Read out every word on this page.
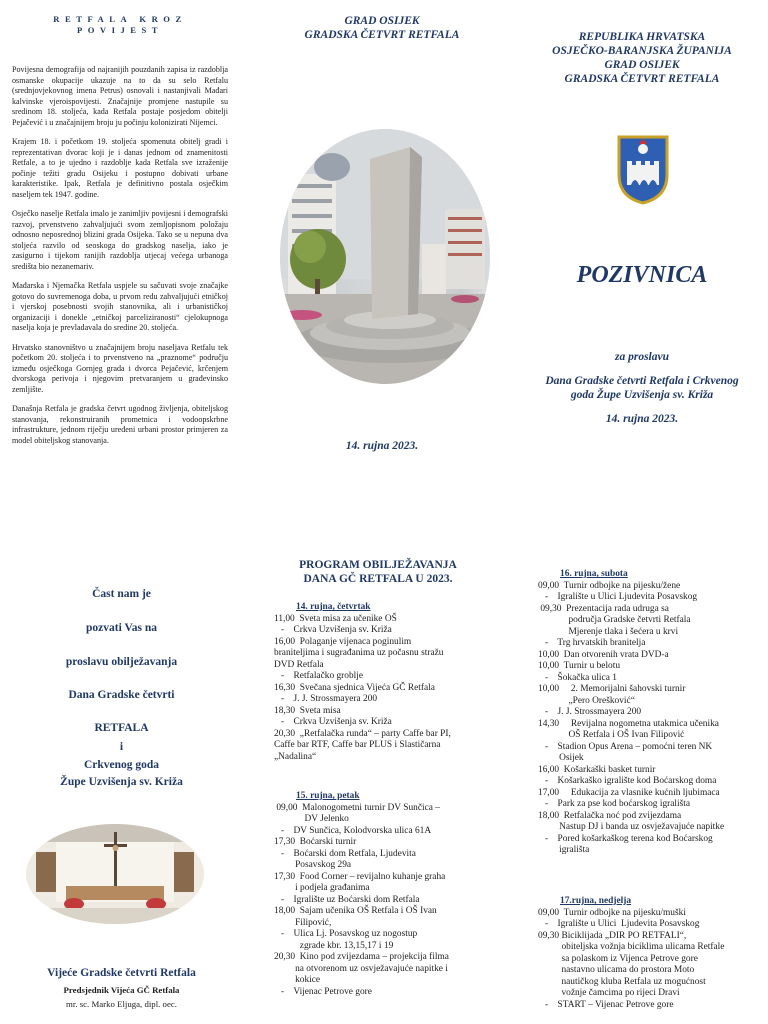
RETFALA KROZ POVIJEST

Povijesna demografija od najranijih pouzdanih zapisa iz razdoblja osmanske okupacije ukazuje na to da su selo Retfalu (srednjovjekovnog imena Petrus) osnovali i nastanjivali Mađari kalvinske vjeroispovijesti. Značajnije promjene nastupile su sredinom 18. stoljeća, kada Retfala postaje posjedom obitelji Pejačević i u značajnijem broju ju počinju kolonizirati Nijemci.

Krajem 18. i početkom 19. stoljeća spomenuta obitelj gradi i reprezentativan dvorac koji je i danas jednom od znamenitosti Retfale, a to je ujedno i razdoblje kada Retfala sve izraženije počinje težiti gradu Osijeku i postupno dobivati urbane karakteristike. Ipak, Retfala je definitivno postala osječkim naseljem tek 1947. godine.

Osječko naselje Retfala imalo je zanimljiv povijesni i demografski razvoj, prvenstveno zahvaljujući svom zemljopisnom položaju odnosno neposrednoj blizini grada Osijeka. Tako se u nepuna dva stoljeća razvilo od seoskoga do gradskog naselja, iako je zasigurno i tijekom ranijih razdoblja utjecaj većega urbanoga središta bio nezanemariv.

Mađarska i Njemačka Retfala uspjele su sačuvati svoje značajke gotovo do suvremenoga doba, u prvom redu zahvaljujući etničkoj i vjerskoj posebnosti svojih stanovnika, ali i urbanističkoj organizaciji i donekle „etničkoj parceliziranosti“ cjelokupnoga naselja koja je prevladavala do sredine 20. stoljeća.

Hrvatsko stanovništvo u značajnijem broju naseljava Retfalu tek početkom 20. stoljeća i to prvenstveno na „praznome“ području između osječkoga Gornjeg grada i dvorca Pejačević, krčenjem dvorskoga perivoja i njegovim pretvaranjem u građevinsko zemljište.

Današnja Retfala je gradska četvrt ugodnog življenja, obiteljskog stanovanja, rekonstruiranih prometnica i vodoopskrbne infrastrukture, jednom riječju uređeni urbani prostor primjeren za model obiteljskog stanovanja.

GRAD OSIJEK

GRADSKA ČETVRT RETFALA

14. rujna 2023.

REPUBLIKA HRVATSKA

OSJEČKO-BARANJSKA ŽUPANIJA

GRAD OSIJEK

GRADSKA ČETVRT RETFALA

POZIVNICA

za proslavu

Dana Gradske četvrti Retfala i Crkvenog

goda Župe Uzvišenja sv. Križa

14. rujna 2023.

Čast nam je
pozvati Vas na
proslavu obilježavanja
Dana Gradske četvrti
RETFALA
i
Crkvenog goda
Župe Uzvišenja sv. Križa
Vijeće Gradske četvrti Retfala
Predsjednik Vijeća GČ Retfala
mr. sc. Marko Eljuga, dipl. oec.
PROGRAM OBILJEŽAVANJA
DANA GČ RETFALA U 2023.
14. rujna, četvrtak
11,00  Sveta misa za učenike OŠ
-    Crkva Uzvišenja sv. Križa
16,00  Polaganje vijenaca poginulim
braniteljima i sugrađanima uz počasnu stražu
DVD Retfala
-    Retfalačko groblje
16,30  Svečana sjednica Vijeća GČ Retfala
-    J. J. Strossmayera 200
18,30  Sveta misa
-    Crkva Uzvišenja sv. Križa
20,30  „Retfalačka runda“ – party Caffe bar PI,
Caffe bar RTF, Caffe bar PLUS i Slastičarna
„Nadalina“
15. rujna, petak
09,00  Malonogometni turnir DV Sunčica –
DV Jelenko
-    DV Sunčica, Kolodvorska ulica 61A
17,30  Boćarski turnir
-    Boćarski dom Retfala, Ljudevita
Posavskog 29a
17,30  Food Corner – revijalno kuhanje graha
i podjela građanima
-    Igralište uz Boćarski dom Retfala
18,00  Sajam učenika OŠ Retfala i OŠ Ivan
Filipović,
-    Ulica Lj. Posavskog uz nogostup
zgrade kbr. 13,15,17 i 19
20,30  Kino pod zvijezdama – projekcija filma
na otvorenom uz osvježavajuće napitke i
kokice
-    Vijenac Petrove gore
16. rujna, subota
09,00  Turnir odbojke na pijesku/žene
-    Igralište u Ulici Ljudevita Posavskog
09,30  Prezentacija rada udruga sa
područja Gradske četvrti Retfala
Mjerenje tlaka i šećera u krvi
-    Trg hrvatskih branitelja
10,00  Dan otvorenih vrata DVD-a
10,00  Turnir u belotu
-    Šokačka ulica 1
10,00     2. Memorijalni šahovski turnir
„Pero Orešković“
-    J. J. Strossmayera 200
14,30     Revijalna nogometna utakmica učenika
OŠ Retfala i OŠ Ivan Filipović
-    Stadion Opus Arena – pomoćni teren NK
Osijek
16,00  Košarkaški basket turnir
-    Košarkaško igralište kod Boćarskog doma
17,00     Edukacija za vlasnike kućnih ljubimaca
-    Park za pse kod boćarskog igrališta
18,00  Retfalačka noć pod zvijezdama
Nastup DJ i banda uz osvježavajuće napitke
-    Pored košarkaškog terena kod Boćarskog
igrališta
17.rujna, nedjelja
09,00  Turnir odbojke na pijesku/muški
-    Igralište u Ulici  Ljudevita Posavskog
09,30 Biciklijada „DIR PO RETFALI“,
obiteljska vožnja biciklima ulicama Retfale
sa polaskom iz Vijenca Petrove gore
nastavno ulicama do prostora Moto
nautičkog kluba Retfala uz mogućnost
vožnje čamcima po rijeci Dravi
-    START – Vijenac Petrove gore
